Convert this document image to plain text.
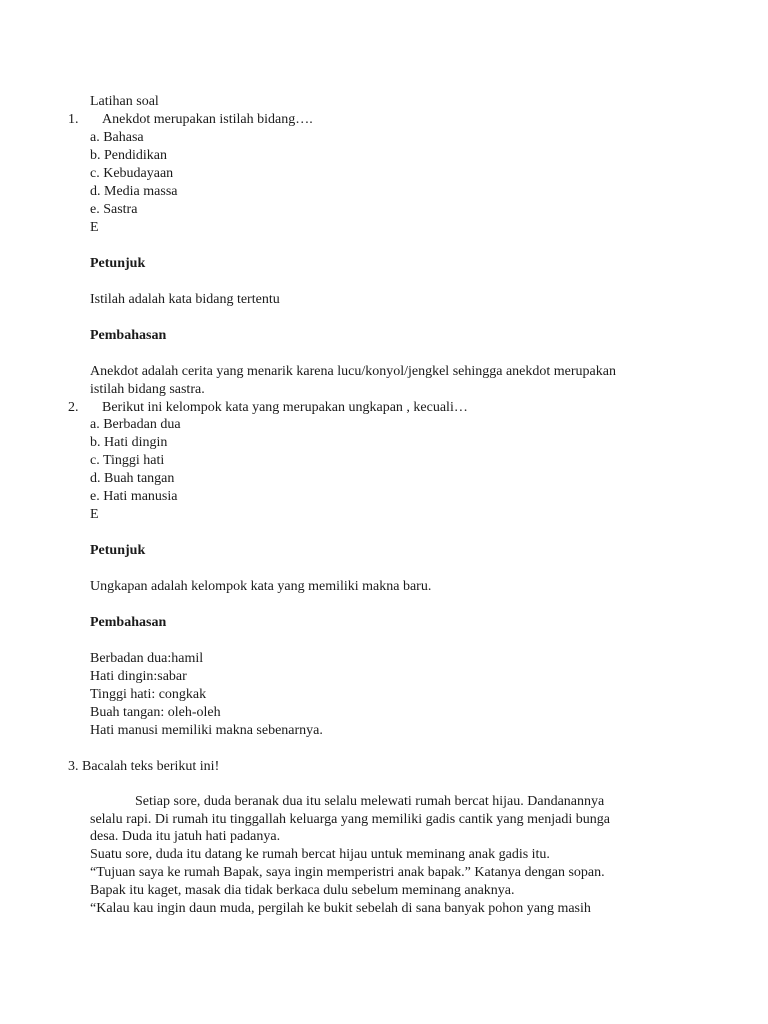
Latihan soal
1. Anekdot merupakan istilah bidang….
a. Bahasa
b. Pendidikan
c. Kebudayaan
d. Media massa
e. Sastra
E
Petunjuk
Istilah adalah kata bidang tertentu
Pembahasan
Anekdot adalah cerita yang menarik karena lucu/konyol/jengkel sehingga anekdot merupakan
istilah bidang sastra.
2. Berikut ini kelompok kata yang merupakan ungkapan , kecuali…
a. Berbadan dua
b. Hati dingin
c. Tinggi hati
d. Buah tangan
e. Hati manusia
E
Petunjuk
Ungkapan adalah kelompok kata yang memiliki makna baru.
Pembahasan
Berbadan dua:hamil
Hati dingin:sabar
Tinggi hati: congkak
Buah tangan: oleh-oleh
Hati manusi memiliki makna sebenarnya.
3. Bacalah teks berikut ini!
Setiap sore, duda beranak dua itu selalu melewati rumah bercat hijau. Dandanannya
selalu rapi. Di rumah itu tinggallah keluarga yang memiliki gadis cantik yang menjadi bunga
desa. Duda itu jatuh hati padanya.
Suatu sore, duda itu datang ke rumah bercat hijau untuk meminang anak gadis itu.
“Tujuan saya ke rumah Bapak, saya ingin memperistri anak bapak.” Katanya dengan sopan.
Bapak itu kaget, masak dia tidak berkaca dulu sebelum meminang anaknya.
“Kalau kau ingin daun muda, pergilah ke bukit sebelah di sana banyak pohon yang masih
